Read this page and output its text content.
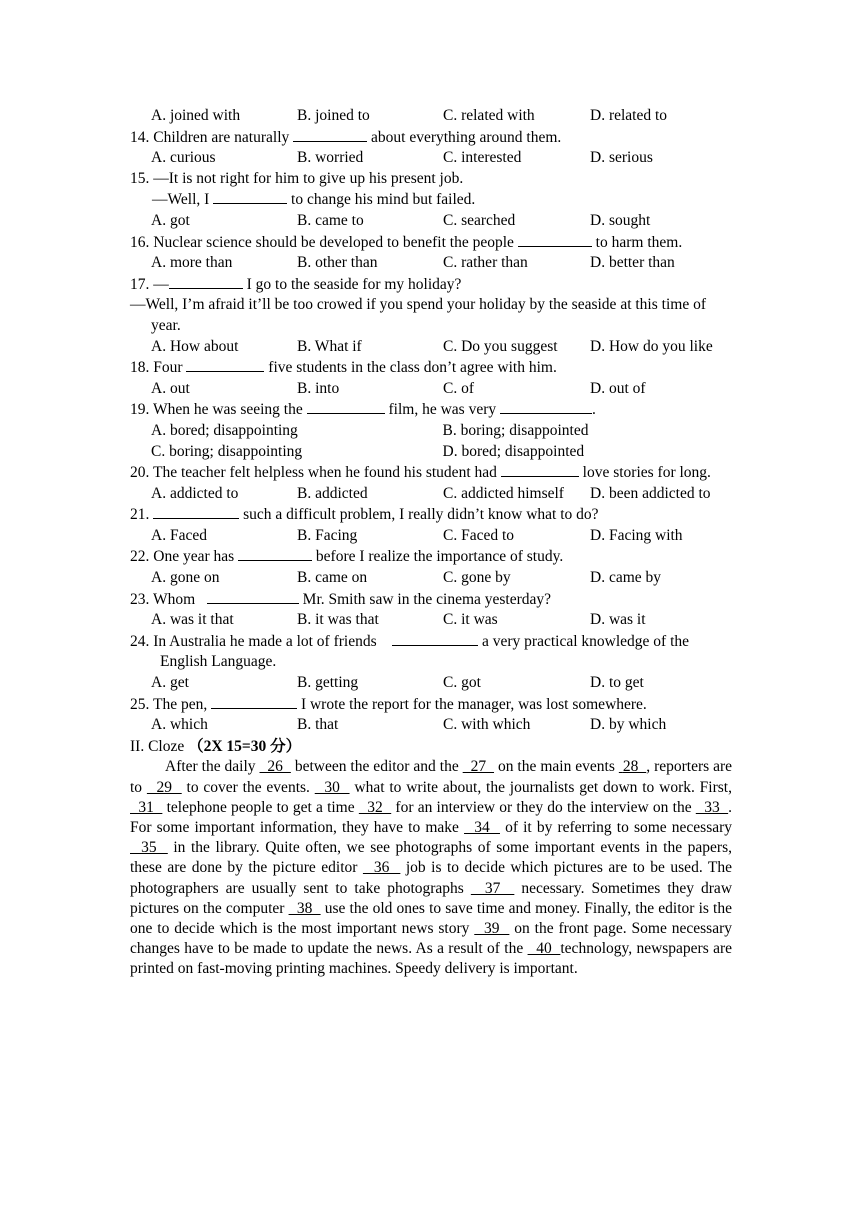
A. joined with	B. joined to	C. related with	D. related to

14. Children are naturally	about everything around them.

A. curious	B. worried	C. interested	D. serious

15. —It is not right for him to give up his present job.

—Well, I	to change his mind but failed.

A. got	B. came to	C. searched	D. sought

16. Nuclear science should be developed to benefit the people	to harm them.

A. more than	B. other than	C. rather than	D. better than

17. —	I go to the seaside for my holiday?

—Well, I’m afraid it’ll be too crowed if you spend your holiday by the seaside at this time of year.

A. How about	B. What if	C. Do you suggest	D. How do you like

18. Four	five students in the class don’t agree with him.

A. out	B. into	C. of	D. out of

19. When he was seeing the	film, he was very	.

A. bored; disappointing	B. boring; disappointed
C. boring; disappointing	D. bored; disappointed

20. The teacher felt helpless when he found his student had	love stories for long.

A. addicted to	B. addicted	C. addicted himself	D. been addicted to

21.	such a difficult problem, I really didn’t know what to do?

A. Faced	B. Facing	C. Faced to	D. Facing with

22. One year has	before I realize the importance of study.

A. gone on	B. came on	C. gone by	D. came by

23. Whom	Mr. Smith saw in the cinema yesterday?

A. was it that	B. it was that	C. it was	D. was it

24. In Australia he made a lot of friends	a very practical knowledge of the English Language.

A. get	B. getting	C. got	D. to get

25. The pen,	I wrote the report for the manager, was lost somewhere.

A. which	B. that	C. with which	D. by which

II. Cloze （2X 15=30 分）

After the daily   26   between the editor and the   27   on the main events  28  , reporters are to   29   to cover the events.   30   what to write about, the journalists get down to work. First,   31   telephone people to get a time   32   for an interview or they do the interview on the   33  . For some important information, they have to make   34   of it by referring to some necessary   35   in the library. Quite often, we see photographs of some important events in the papers, these are done by the picture editor   36   job is to decide which pictures are to be used. The photographers are usually sent to take photographs   37   necessary. Sometimes they draw pictures on the computer   38   use the old ones to save time and money. Finally, the editor is the one to decide which is the most important news story   39   on the front page. Some necessary changes have to be made to update the news. As a result of the   40  technology, newspapers are printed on fast-moving printing machines. Speedy delivery is important.
